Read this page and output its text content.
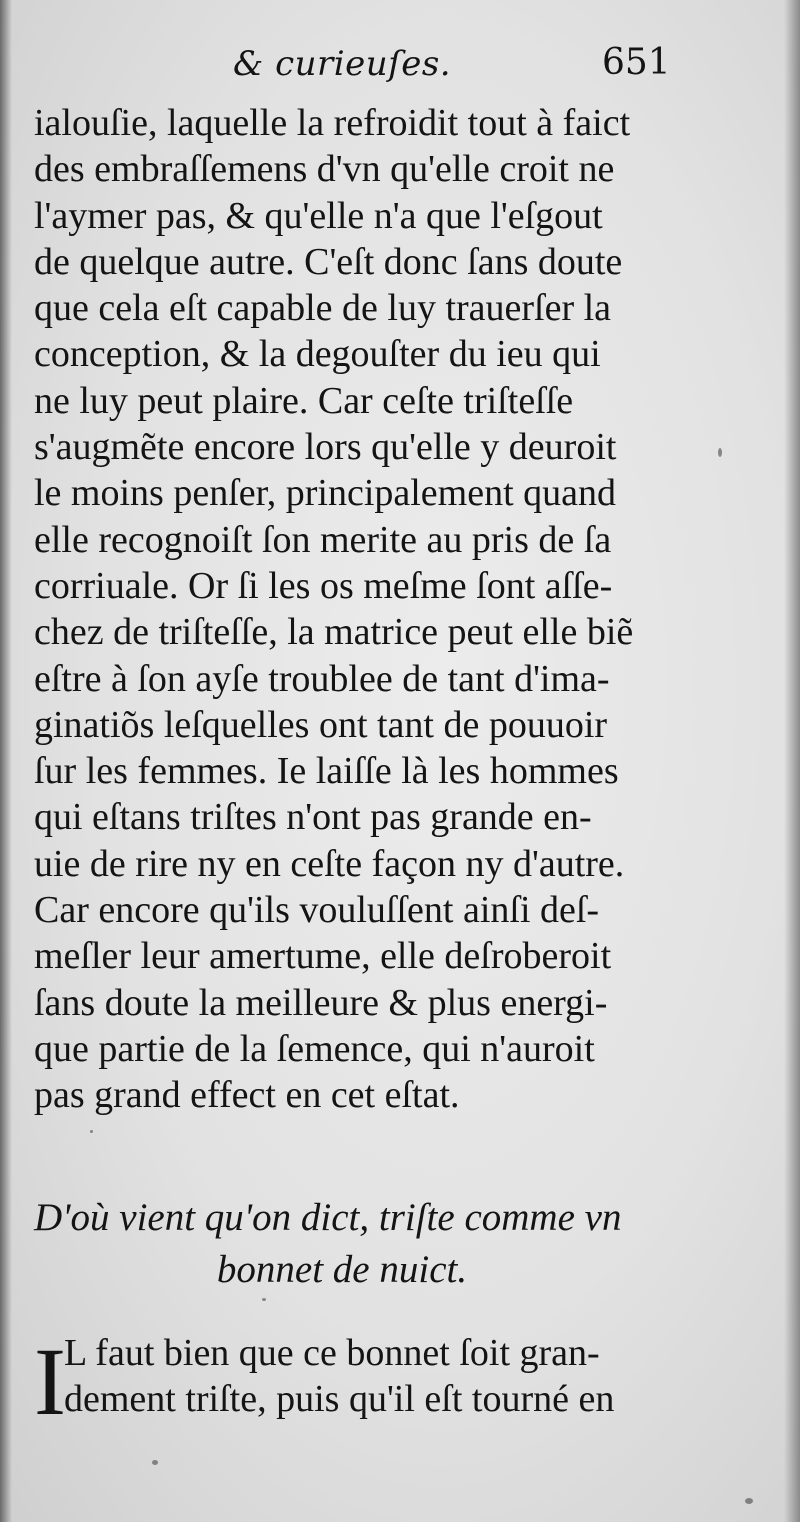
& curieuſes.	651
ialouſie, laquelle la refroidit tout à faict
des embraſſemens d'vn qu'elle croit ne
l'aymer pas, & qu'elle n'a que l'eſgout
de quelque autre. C'eſt donc ſans doute
que cela eſt capable de luy trauerſer la
conception, & la degouſter du ieu qui
ne luy peut plaire. Car ceſte triſteſſe
s'augmẽte encore lors qu'elle y deuroit
le moins penſer, principalement quand
elle recognoiſt ſon merite au pris de ſa
corriuale. Or ſi les os meſme ſont aſſe-
chez de triſteſſe, la matrice peut elle biẽ
eſtre à ſon ayſe troublee de tant d'ima-
ginatiõs leſquelles ont tant de pouuoir
ſur les femmes. Ie laiſſe là les hommes
qui eſtans triſtes n'ont pas grande en-
uie de rire ny en ceſte façon ny d'autre.
Car encore qu'ils vouluſſent ainſi deſ-
meſler leur amertume, elle deſroberoit
ſans doute la meilleure & plus energi-
que partie de la ſemence, qui n'auroit
pas grand effect en cet eſtat.
D'où vient qu'on dict, triſte comme vn
bonnet de nuict.
I
L faut bien que ce bonnet ſoit gran-
dement triſte, puis qu'il eſt tourné en
